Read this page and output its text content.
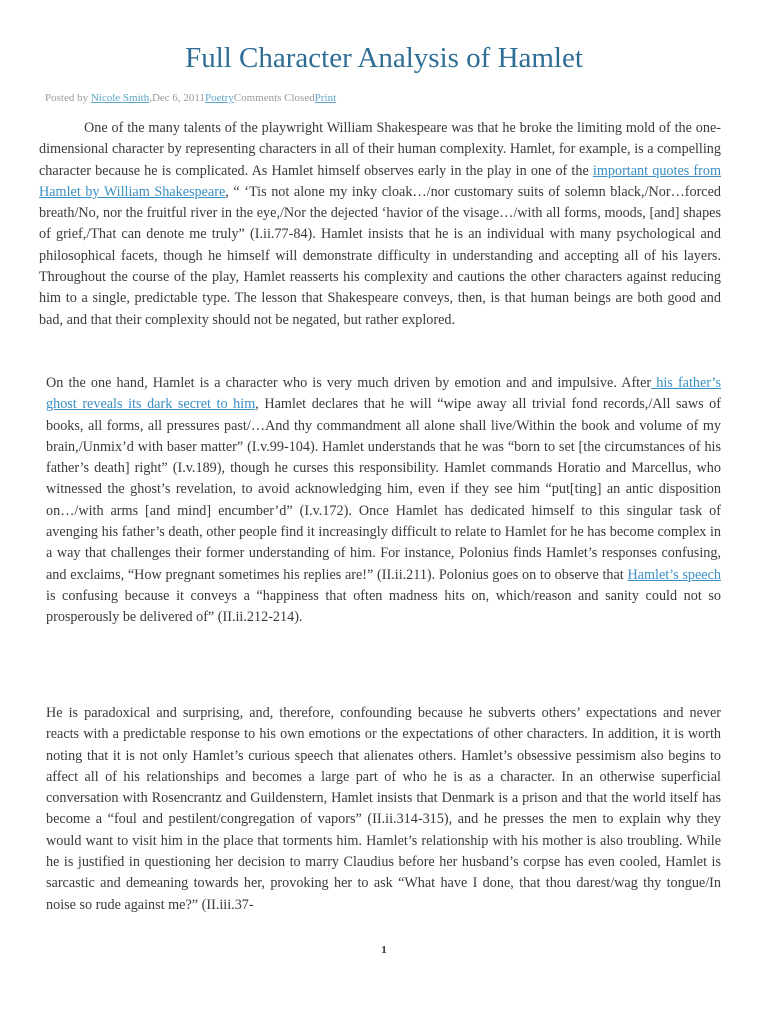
Full Character Analysis of Hamlet
Posted by Nicole Smith,Dec 6, 2011PoetryComments ClosedPrint

One of the many talents of the playwright William Shakespeare was that he broke the limiting mold of the one-dimensional character by representing characters in all of their human complexity. Hamlet, for example, is a compelling character because he is complicated. As Hamlet himself observes early in the play in one of the important quotes from Hamlet by William Shakespeare, “ ‘Tis not alone my inky cloak…/nor customary suits of solemn black,/Nor…forced breath/No, nor the fruitful river in the eye,/Nor the dejected ‘havior of the visage…/with all forms, moods, [and] shapes of grief,/That can denote me truly” (I.ii.77-84). Hamlet insists that he is an individual with many psychological and philosophical facets, though he himself will demonstrate difficulty in understanding and accepting all of his layers. Throughout the course of the play, Hamlet reasserts his complexity and cautions the other characters against reducing him to a single, predictable type. The lesson that Shakespeare conveys, then, is that human beings are both good and bad, and that their complexity should not be negated, but rather explored.

On the one hand, Hamlet is a character who is very much driven by emotion and and impulsive. After his father’s ghost reveals its dark secret to him, Hamlet declares that he will “wipe away all trivial fond records,/All saws of books, all forms, all pressures past/…And thy commandment all alone shall live/Within the book and volume of my brain,/Unmix’d with baser matter” (I.v.99-104). Hamlet understands that he was “born to set [the circumstances of his father’s death] right” (I.v.189), though he curses this responsibility. Hamlet commands Horatio and Marcellus, who witnessed the ghost’s revelation, to avoid acknowledging him, even if they see him “put[ting] an antic disposition on…/with arms [and mind] encumber’d” (I.v.172). Once Hamlet has dedicated himself to this singular task of avenging his father’s death, other people find it increasingly difficult to relate to Hamlet for he has become complex in a way that challenges their former understanding of him. For instance, Polonius finds Hamlet’s responses confusing, and exclaims, “How pregnant sometimes his replies are!” (II.ii.211). Polonius goes on to observe that Hamlet’s speech is confusing because it conveys a “happiness that often madness hits on, which/reason and sanity could not so prosperously be delivered of” (II.ii.212-214).

He is paradoxical and surprising, and, therefore, confounding because he subverts others’ expectations and never reacts with a predictable response to his own emotions or the expectations of other characters. In addition, it is worth noting that it is not only Hamlet’s curious speech that alienates others. Hamlet’s obsessive pessimism also begins to affect all of his relationships and becomes a large part of who he is as a character. In an otherwise superficial conversation with Rosencrantz and Guildenstern, Hamlet insists that Denmark is a prison and that the world itself has become a “foul and pestilent/congregation of vapors” (II.ii.314-315), and he presses the men to explain why they would want to visit him in the place that torments him. Hamlet’s relationship with his mother is also troubling. While he is justified in questioning her decision to marry Claudius before her husband’s corpse has even cooled, Hamlet is sarcastic and demeaning towards her, provoking her to ask “What have I done, that thou darest/wag thy tongue/In noise so rude against me?” (II.iii.37-

1
